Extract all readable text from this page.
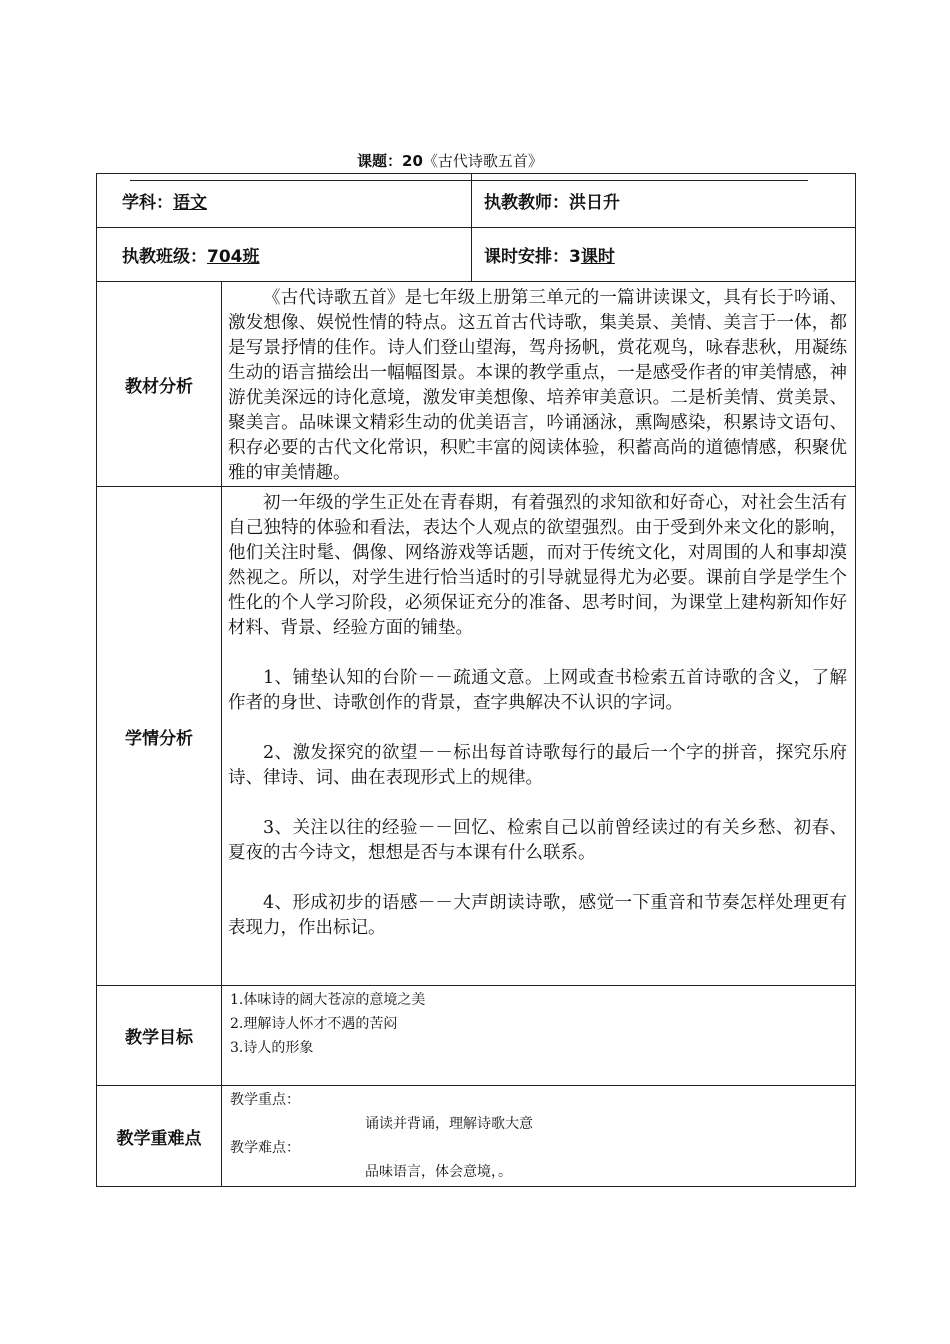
课题：20《古代诗歌五首》
学科：语文		执教教师：洪日升
执教班级：704班		课时安排：3课时
教材分析	《古代诗歌五首》是七年级上册第三单元的一篇讲读课文，具有长于吟诵、激发想像、娱悦性情的特点。这五首古代诗歌，集美景、美情、美言于一体，都是写景抒情的佳作。诗人们登山望海，驾舟扬帆，赏花观鸟，咏春悲秋，用凝练生动的语言描绘出一幅幅图景。本课的教学重点，一是感受作者的审美情感，神游优美深远的诗化意境，激发审美想像、培养审美意识。二是析美情、赏美景、聚美言。品味课文精彩生动的优美语言，吟诵涵泳，熏陶感染，积累诗文语句、积存必要的古代文化常识，积贮丰富的阅读体验，积蓄高尚的道德情感，积聚优雅的审美情趣。	

学情分析	初一年级的学生正处在青春期，有着强烈的求知欲和好奇心，对社会生活有自己独特的体验和看法，表达个人观点的欲望强烈。由于受到外来文化的影响，他们关注时髦、偶像、网络游戏等话题，而对于传统文化，对周围的人和事却漠然视之。所以，对学生进行恰当适时的引导就显得尤为必要。课前自学是学生个性化的个人学习阶段，必须保证充分的准备、思考时间，为课堂上建构新知作好材料、背景、经验方面的铺垫。

1、铺垫认知的台阶－－疏通文意。上网或查书检索五首诗歌的含义，了解作者的身世、诗歌创作的背景，查字典解决不认识的字词。

2、激发探究的欲望－－标出每首诗歌每行的最后一个字的拼音，探究乐府诗、律诗、词、曲在表现形式上的规律。

3、关注以往的经验－－回忆、检索自己以前曾经读过的有关乡愁、初春、夏夜的古今诗文，想想是否与本课有什么联系。

4、形成初步的语感－－大声朗读诗歌，感觉一下重音和节奏怎样处理更有表现力，作出标记。	

教学目标	1.体味诗的阔大苍凉的意境之美
2.理解诗人怀才不遇的苦闷
3.诗人的形象	

教学重难点	教学重点：
诵读并背诵，理解诗歌大意
教学难点：
品味语言，体会意境，。	
